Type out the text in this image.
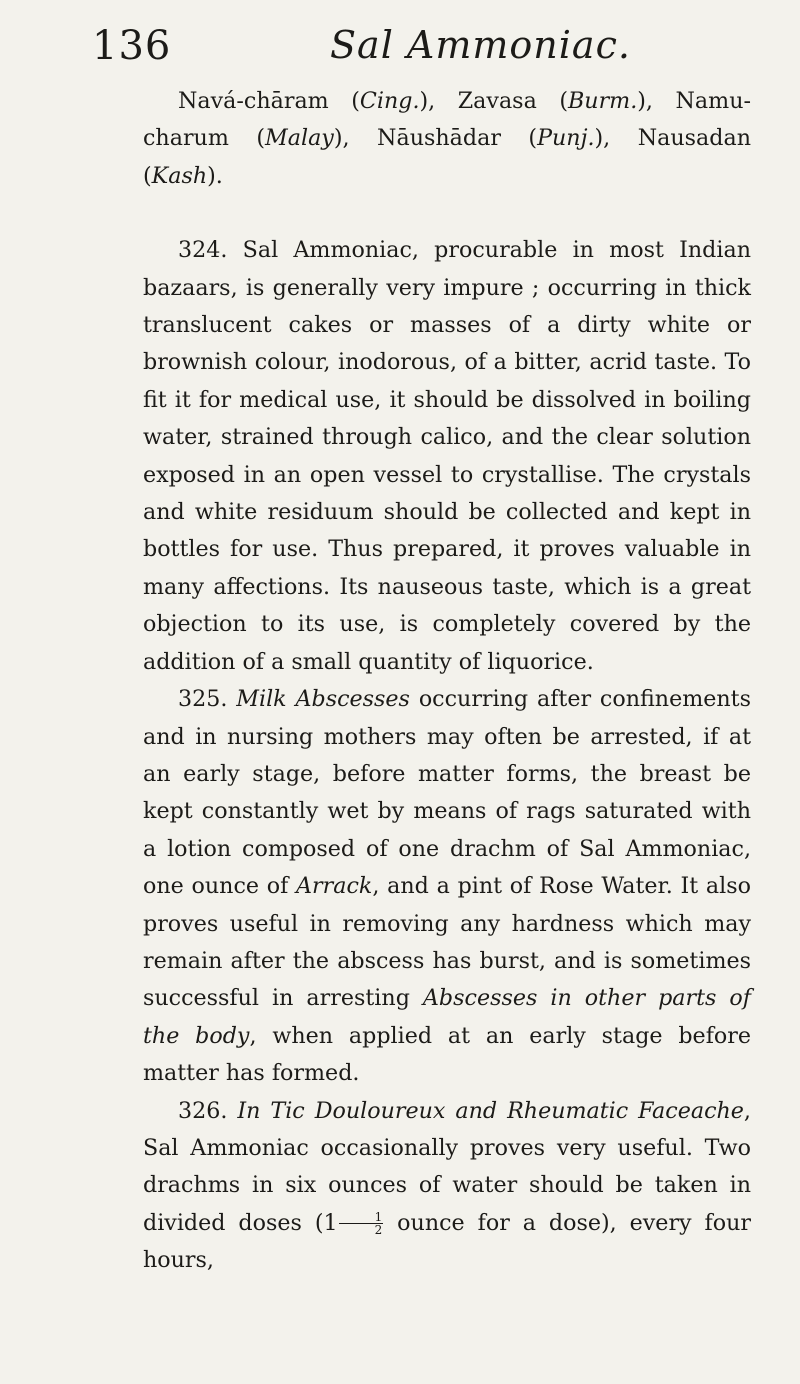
136	Sal Ammoniac.

Navá-chāram (Cing.), Zavasa (Burm.), Namu-charum (Malay), Nāushādar (Punj.), Nausadan (Kash).

324. Sal Ammoniac, procurable in most Indian bazaars, is generally very impure ; occurring in thick translucent cakes or masses of a dirty white or brownish colour, inodorous, of a bitter, acrid taste. To fit it for medical use, it should be dissolved in boiling water, strained through calico, and the clear solution exposed in an open vessel to crystallise. The crystals and white residuum should be collected and kept in bottles for use. Thus prepared, it proves valuable in many affections. Its nauseous taste, which is a great objection to its use, is completely covered by the addition of a small quantity of liquorice.

325. Milk Abscesses occurring after confinements and in nursing mothers may often be arrested, if at an early stage, before matter forms, the breast be kept constantly wet by means of rags saturated with a lotion composed of one drachm of Sal Ammoniac, one ounce of Arrack, and a pint of Rose Water. It also proves useful in removing any hardness which may remain after the abscess has burst, and is sometimes successful in arresting Abscesses in other parts of the body, when applied at an early stage before matter has formed.

326. In Tic Douloureux and Rheumatic Faceache, Sal Ammoniac occasionally proves very useful. Two drachms in six ounces of water should be taken in divided doses ($1 \frac{1}{2}$ ounce for a dose), every four hours,
